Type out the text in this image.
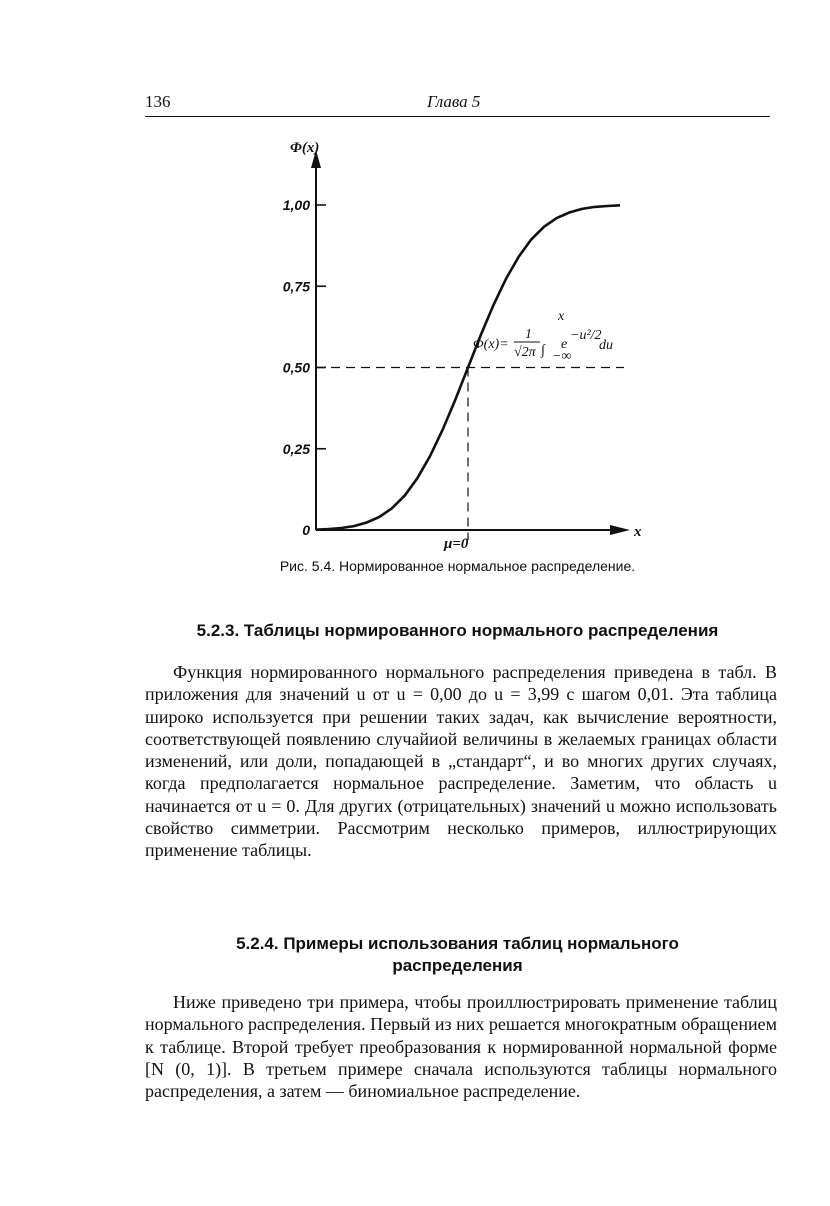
136	Глава 5
0
0,25
0,50
0,75
1,00
Φ(x)
x
μ=0
Φ(x)=
1
√2π ∫
x
−∞
e
−u²/2
du
Рис. 5.4. Нормированное нормальное распределение.
5.2.3. Таблицы нормированного нормального распределения

Функция нормированного нормального распределения приведена в табл. В приложения для значений u от u = 0,00 до u = 3,99 с шагом 0,01. Эта таблица широко используется при решении таких задач, как вычисление вероятности, соответствующей появлению случайиой величины в желаемых границах области изменений, или доли, попадающей в „стандарт“, и во многих других случаях, когда предполагается нормальное распределение. Заметим, что область u начинается от u = 0. Для других (отрицательных) значений u можно использовать свойство симметрии. Рассмотрим несколько примеров, иллюстрирующих применение таблицы.

5.2.4. Примеры использования таблиц нормального
распределения

Ниже приведено три примера, чтобы проиллюстрировать применение таблиц нормального распределения. Первый из них решается многократным обращением к таблице. Второй требует преобразования к нормированной нормальной форме [N (0, 1)]. В третьем примере сначала используются таблицы нормального распределения, а затем — биномиальное распределение.
